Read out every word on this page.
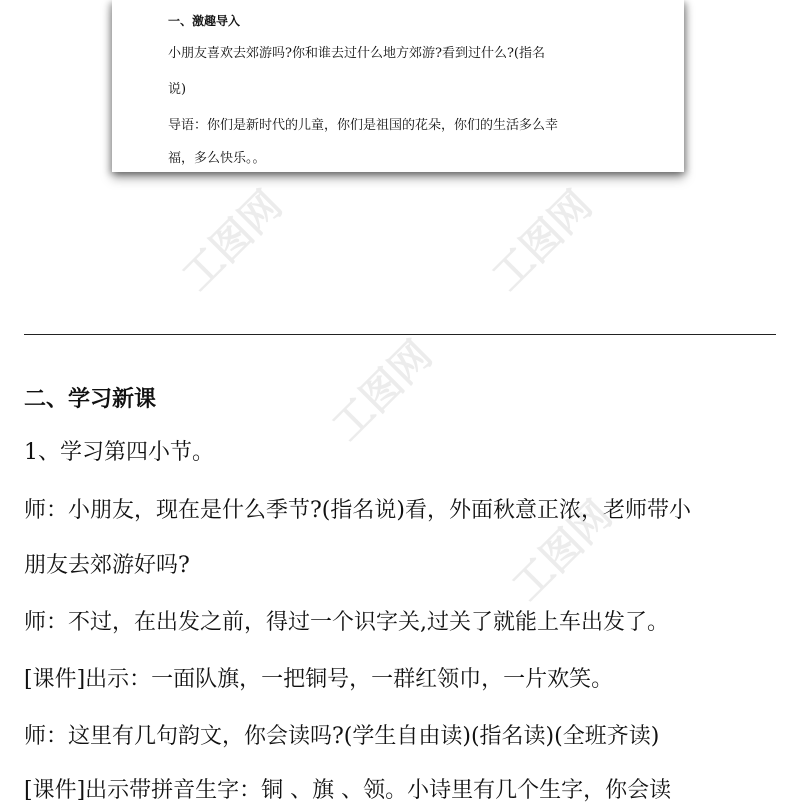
一、激趣导入

小朋友喜欢去郊游吗?你和谁去过什么地方郊游?看到过什么?(指名

说)

导语：你们是新时代的儿童，你们是祖国的花朵，你们的生活多么幸

福，多么快乐。。

工图网	工图网
工图网
工图网
二、学习新课

1、学习第四小节。

师：小朋友，现在是什么季节?(指名说)看，外面秋意正浓，老师带小

朋友去郊游好吗?

师：不过，在出发之前，得过一个识字关,过关了就能上车出发了。

[课件]出示：一面队旗，一把铜号，一群红领巾，一片欢笑。

师：这里有几句韵文，你会读吗?(学生自由读)(指名读)(全班齐读)

[课件]出示带拼音生字：铜 、旗 、领。小诗里有几个生字，你会读
